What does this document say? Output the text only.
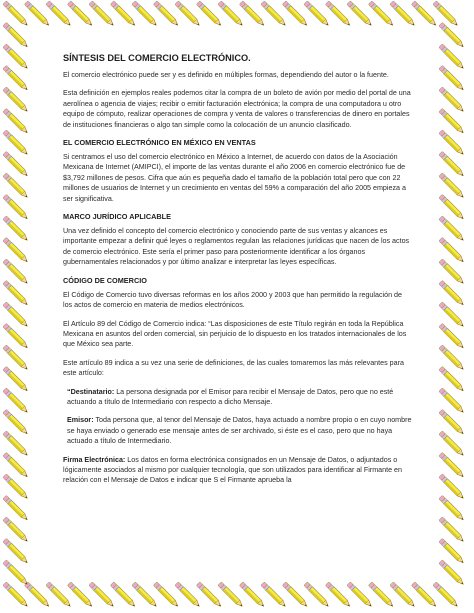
SÍNTESIS DEL COMERCIO ELECTRÓNICO.

El comercio electrónico puede ser y es definido en múltiples formas, dependiendo del autor o la fuente.

Esta definición en ejemplos reales podemos citar la compra de un boleto de avión por medio del portal de una aerolínea o agencia de viajes; recibir o emitir facturación electrónica; la compra de una computadora u otro equipo de cómputo, realizar operaciones de compra y venta de valores o transferencias de dinero en portales de instituciones financieras o algo tan simple como la colocación de un anuncio clasificado.

EL COMERCIO ELECTRÓNICO EN MÉXICO EN VENTAS

Si centramos el uso del comercio electrónico en México a Internet, de acuerdo con datos de la Asociación Mexicana de Internet (AMIPCI), el importe de las ventas durante el año 2006 en comercio electrónico fue de $3,792 millones de pesos. Cifra que aún es pequeña dado el tamaño de la población total pero que con 22 millones de usuarios de Internet y un crecimiento en ventas del 59% a comparación del año 2005 empieza a ser significativa.

MARCO JURÍDICO APLICABLE

Una vez definido el concepto del comercio electrónico y conociendo parte de sus ventas y alcances es importante empezar a definir qué leyes o reglamentos regulan las relaciones jurídicas que nacen de los actos de comercio electrónico. Este sería el primer paso para posteriormente identificar a los órganos gubernamentales relacionados y por último analizar e interpretar las leyes específicas.

CÓDIGO DE COMERCIO

El Código de Comercio tuvo diversas reformas en los años 2000 y 2003 que han permitido la regulación de los actos de comercio en materia de medios electrónicos.

El Artículo 89 del Código de Comercio indica: “Las disposiciones de este Título regirán en toda la República Mexicana en asuntos del orden comercial, sin perjuicio de lo dispuesto en los tratados internacionales de los que México sea parte.

Este artículo 89 indica a su vez una serie de definiciones, de las cuales tomaremos las más relevantes para este artículo:

“Destinatario: La persona designada por el Emisor para recibir el Mensaje de Datos, pero que no esté actuando a título de Intermediario con respecto a dicho Mensaje.
Emisor: Toda persona que, al tenor del Mensaje de Datos, haya actuado a nombre propio o en cuyo nombre se haya enviado o generado ese mensaje antes de ser archivado, si éste es el caso, pero que no haya actuado a título de Intermediario.
Firma Electrónica: Los datos en forma electrónica consignados en un Mensaje de Datos, o adjuntados o lógicamente asociados al mismo por cualquier tecnología, que son utilizados para identificar al Firmante en relación con el Mensaje de Datos e indicar que S el Firmante aprueba la
